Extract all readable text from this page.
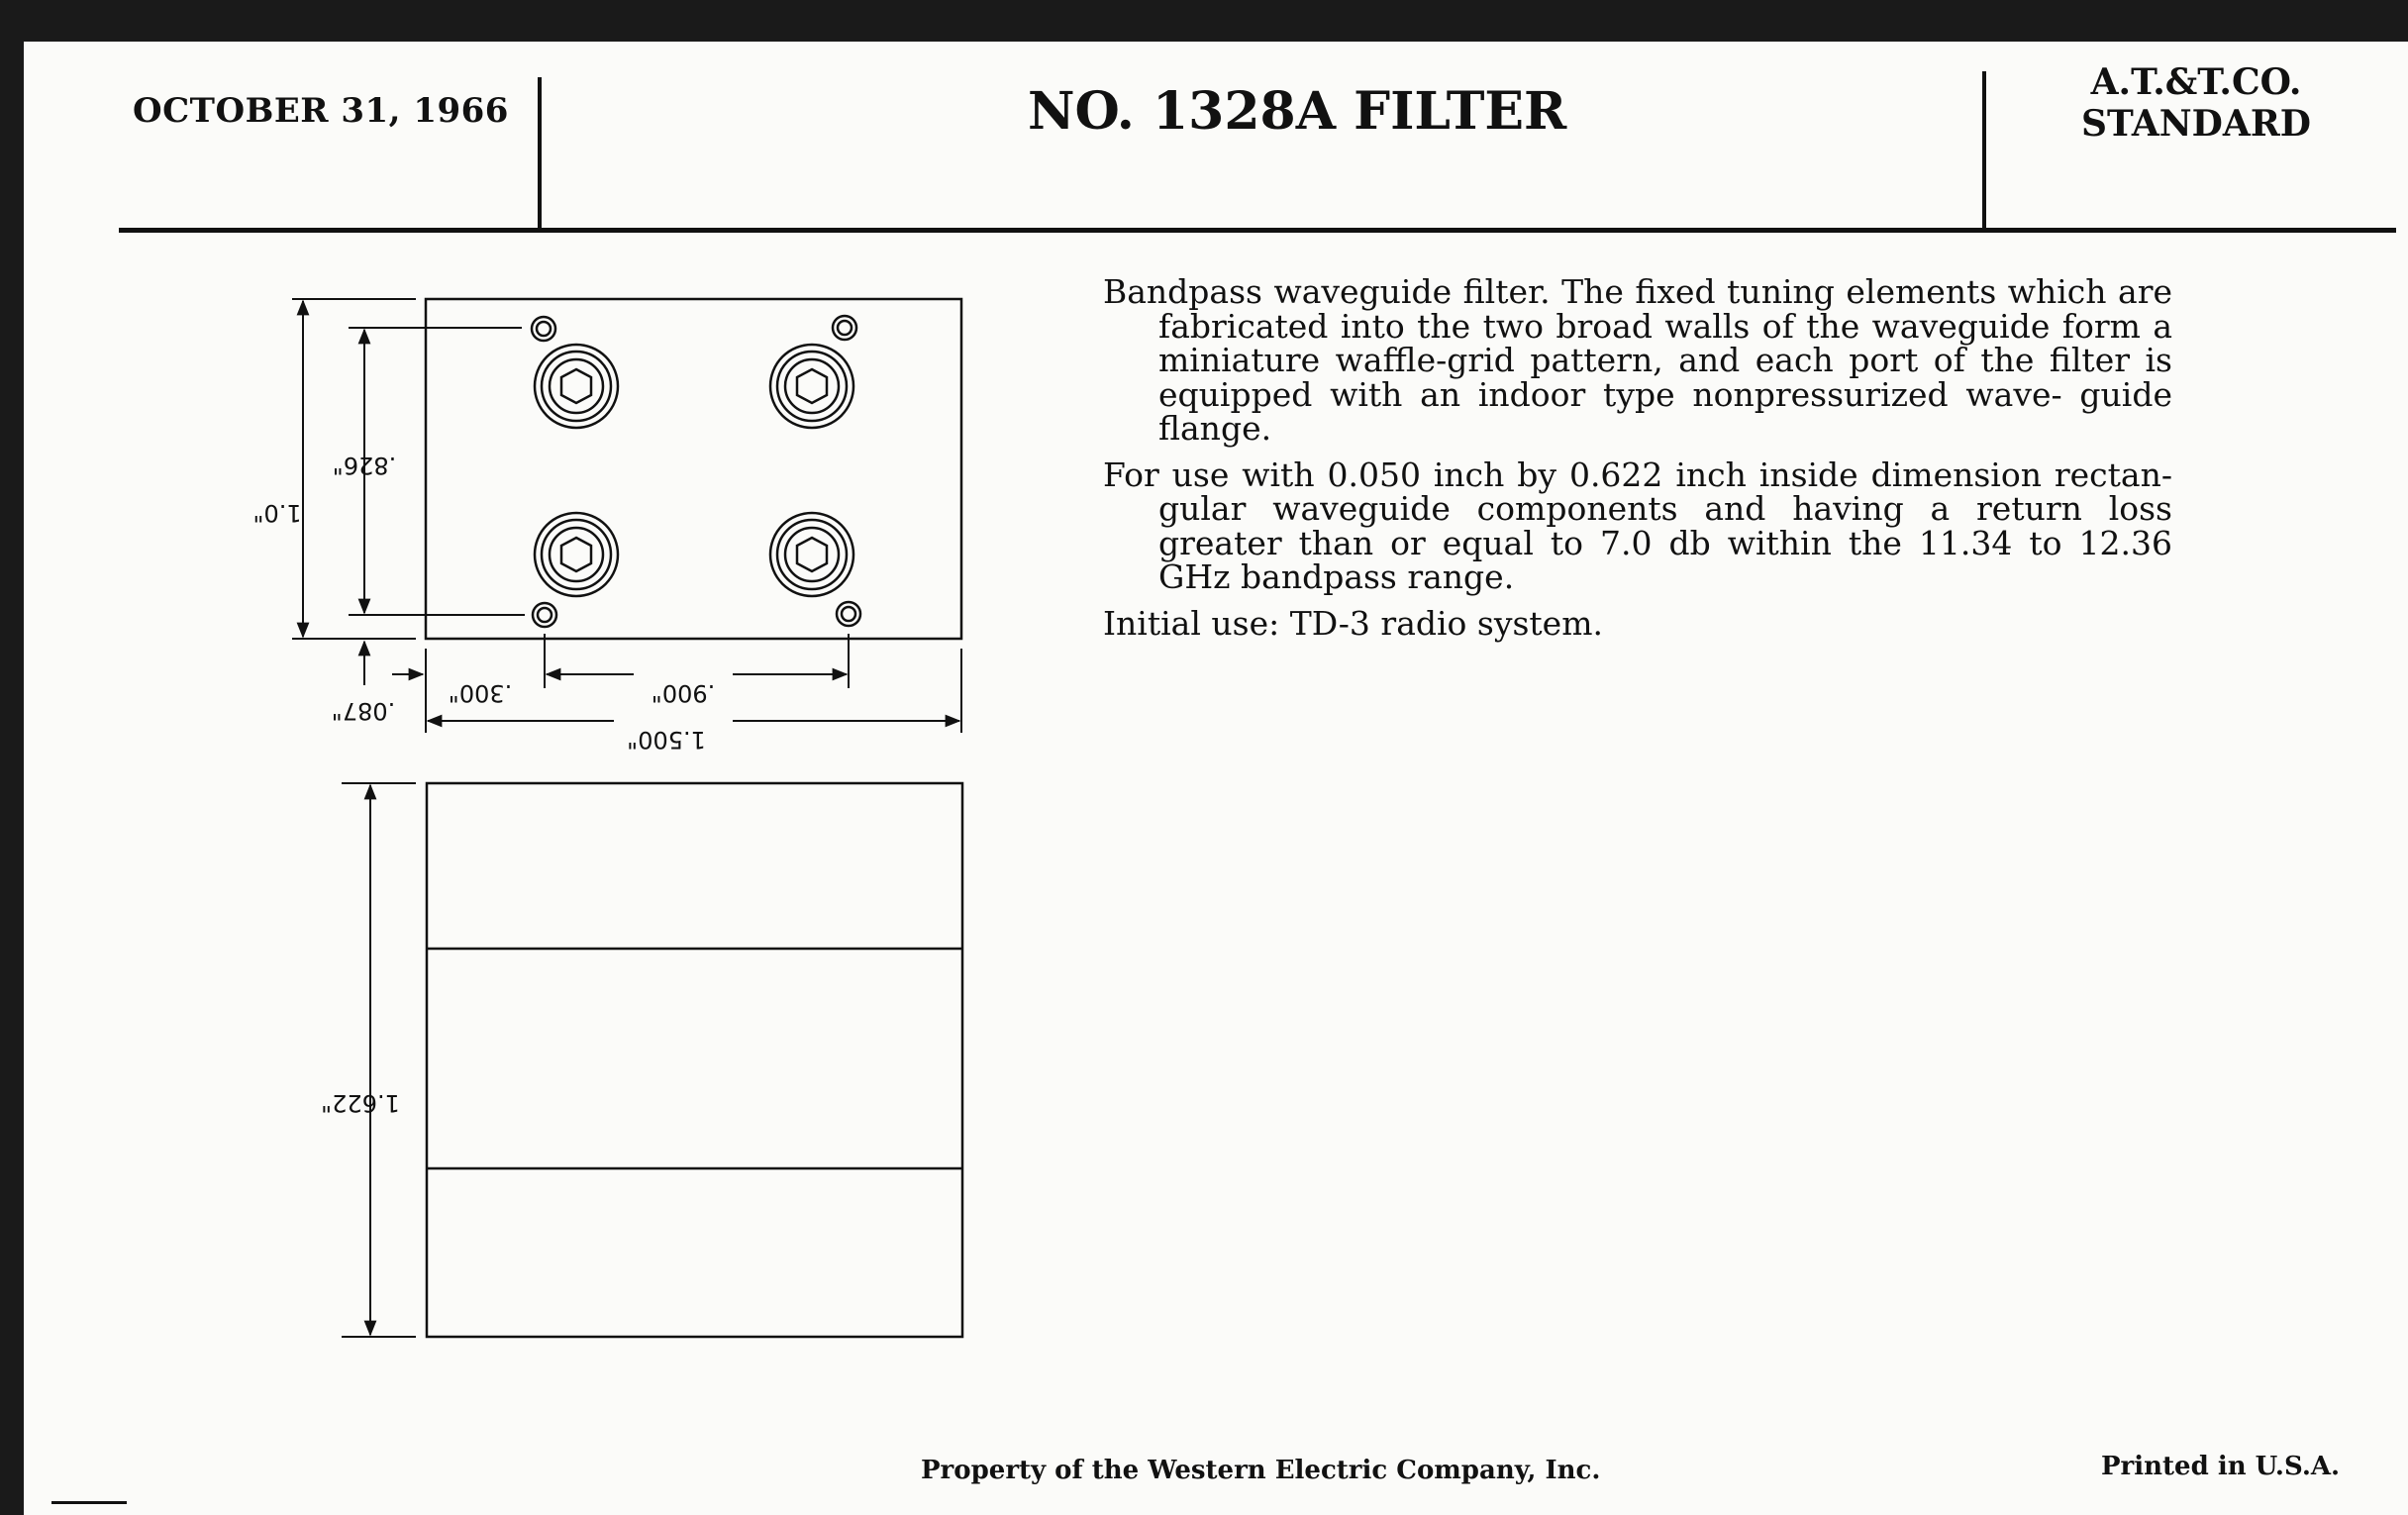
OCTOBER 31, 1966	NO. 1328A FILTER	A.T.&T.CO.
STANDARD
1.0"
.826"
.087"
.300"	.900"
1.500"
1.622"

Bandpass waveguide filter. The fixed tuning elements which are fabricated into the two broad walls of the waveguide form a miniature waffle-grid pattern, and each port of the filter is equipped with an indoor type nonpressurized wave- guide flange.

For use with 0.050 inch by 0.622 inch inside dimension rectan- gular waveguide components and having a return loss greater than or equal to 7.0 db within the 11.34 to 12.36 GHz bandpass range.

Initial use: TD-3 radio system.

Property of the Western Electric Company, Inc.	Printed in U.S.A.
